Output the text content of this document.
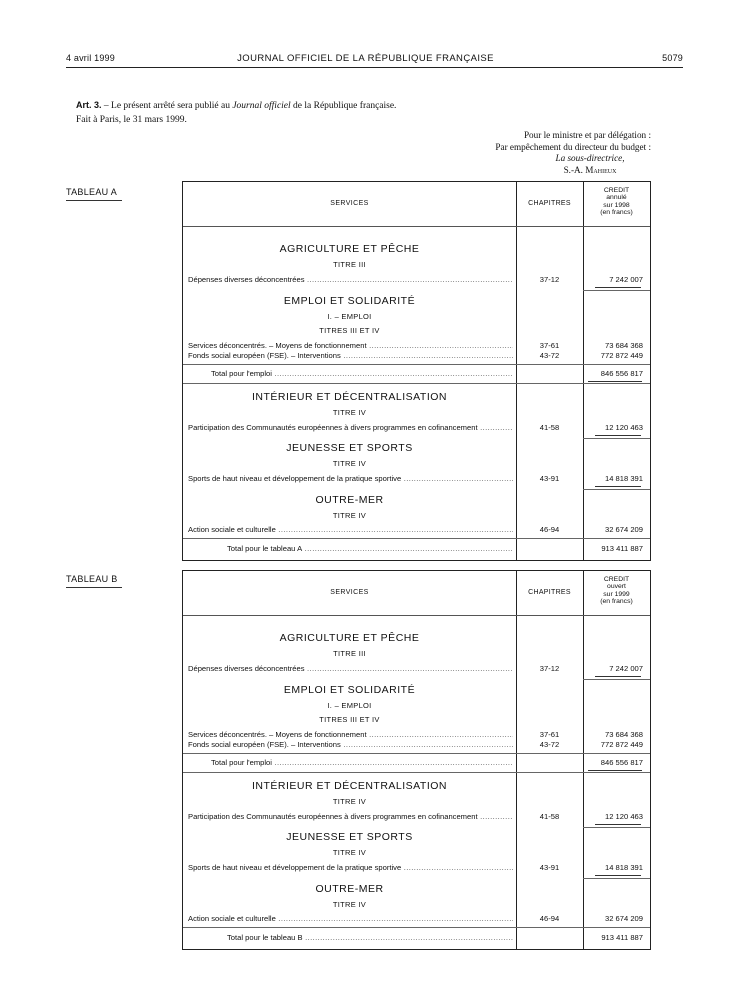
4 avril 1999	JOURNAL OFFICIEL DE LA RÉPUBLIQUE FRANÇAISE	5079
Art. 3. – Le présent arrêté sera publié au Journal officiel de la République française.
Fait à Paris, le 31 mars 1999.
Pour le ministre et par délégation :
Par empêchement du directeur du budget :
La sous-directrice,
S.-A. Mahieux
TABLEAU A
SERVICES	CHAPITRES
CREDIT
annulé
sur 1998
(en francs)
AGRICULTURE ET PÊCHE
TITRE III
Dépenses diverses déconcentrées .....	37-12	7 242 007
EMPLOI ET SOLIDARITÉ
I. – EMPLOI
TITRES III ET IV
Services déconcentrés. – Moyens de fonctionnement .....	37-61	73 684 368
Fonds social européen (FSE). – Interventions .....	43-72	772 872 449
Total pour l'emploi .....	846 556 817
INTÉRIEUR ET DÉCENTRALISATION
TITRE IV
Participation des Communautés européennes à divers programmes en cofinancement .....	41-58	12 120 463
JEUNESSE ET SPORTS
TITRE IV
Sports de haut niveau et développement de la pratique sportive .....	43-91	14 818 391
OUTRE-MER
TITRE IV
Action sociale et culturelle .....	46-94	32 674 209
Total pour le tableau A .....	913 411 887
TABLEAU B
SERVICES	CHAPITRES
CREDIT
ouvert
sur 1999
(en francs)
AGRICULTURE ET PÊCHE
TITRE III
Dépenses diverses déconcentrées .....	37-12	7 242 007
EMPLOI ET SOLIDARITÉ
I. – EMPLOI
TITRES III ET IV
Services déconcentrés. – Moyens de fonctionnement .....	37-61	73 684 368
Fonds social européen (FSE). – Interventions .....	43-72	772 872 449
Total pour l'emploi .....	846 556 817
INTÉRIEUR ET DÉCENTRALISATION
TITRE IV
Participation des Communautés européennes à divers programmes en cofinancement .....	41-58	12 120 463
JEUNESSE ET SPORTS
TITRE IV
Sports de haut niveau et développement de la pratique sportive .....	43-91	14 818 391
OUTRE-MER
TITRE IV
Action sociale et culturelle .....	46-94	32 674 209
Total pour le tableau B .....	913 411 887
